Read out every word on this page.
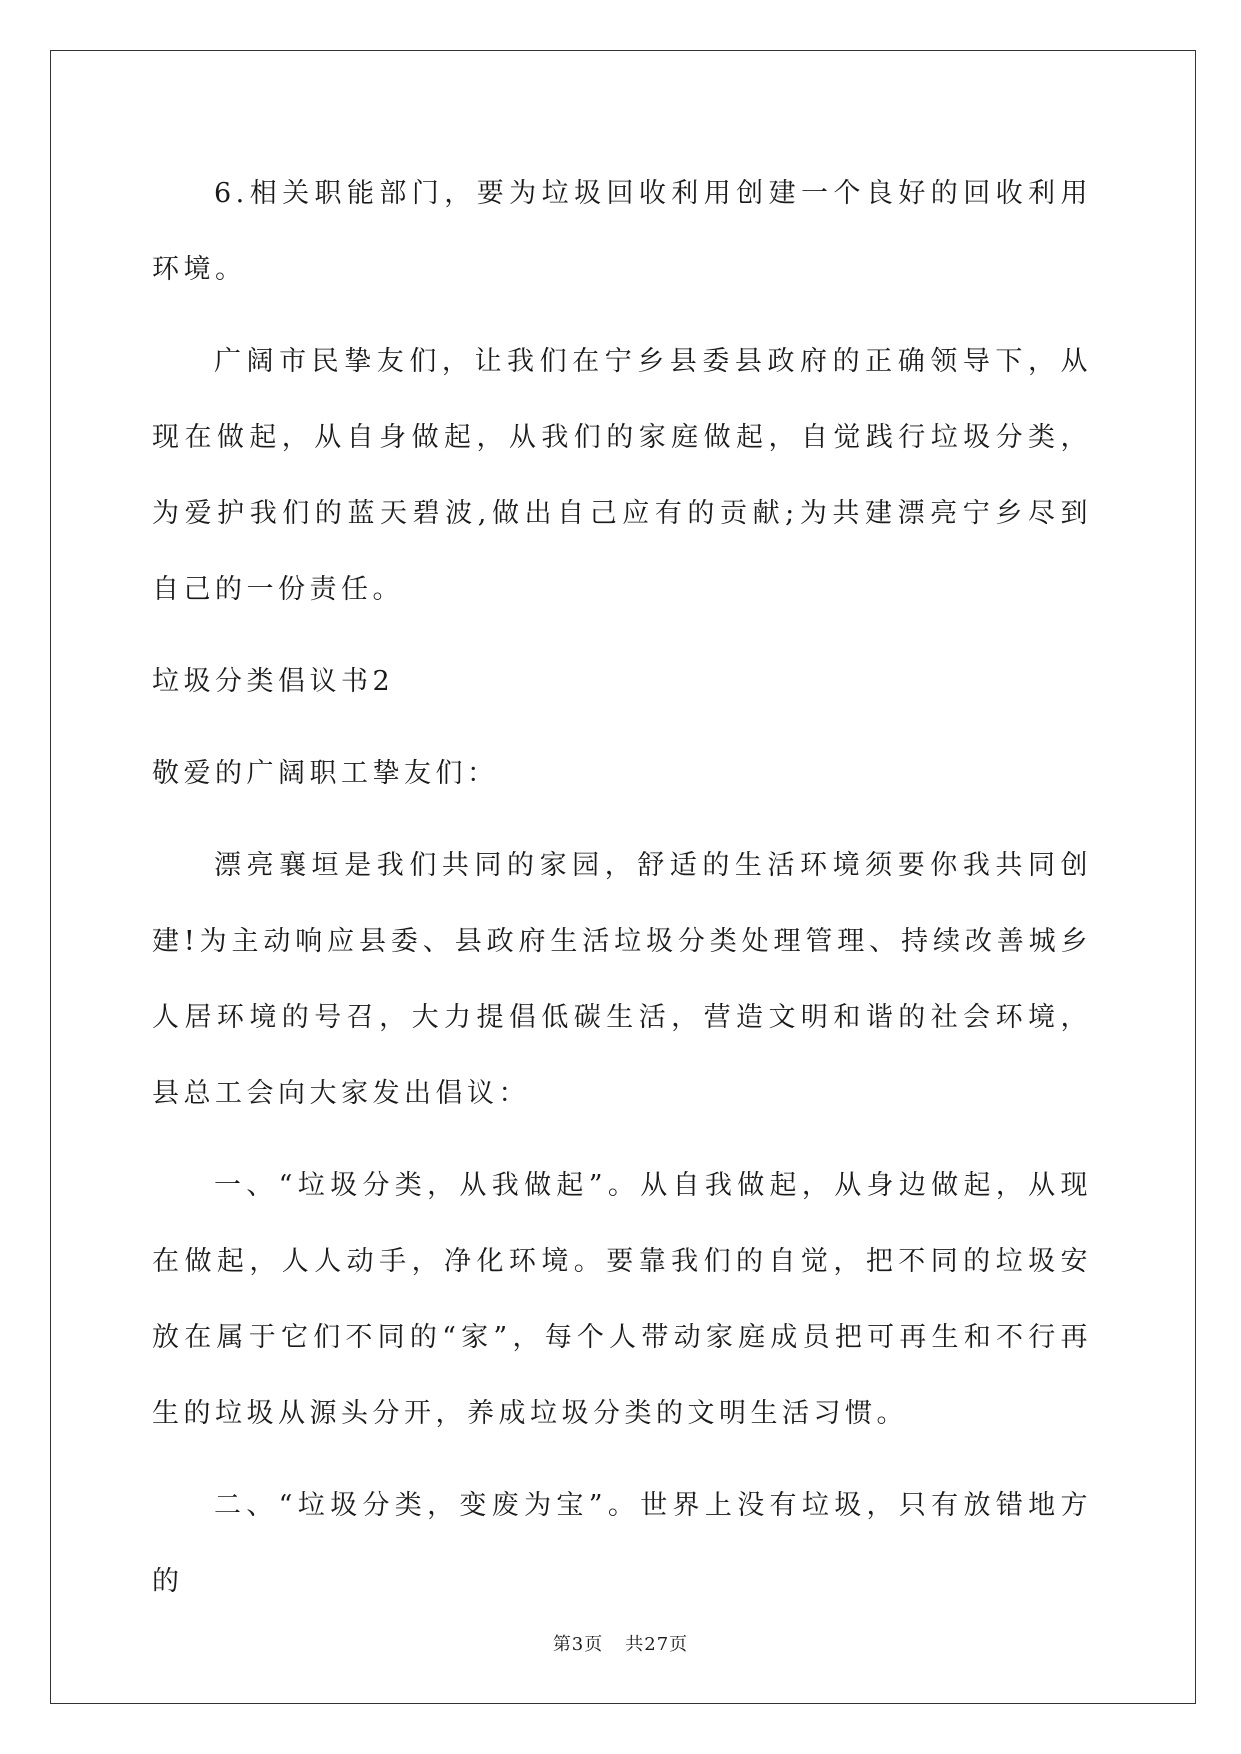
6.相关职能部门，要为垃圾回收利用创建一个良好的回收利用环境。

广阔市民挚友们，让我们在宁乡县委县政府的正确领导下，从现在做起，从自身做起，从我们的家庭做起，自觉践行垃圾分类，为爱护我们的蓝天碧波,做出自己应有的贡献;为共建漂亮宁乡尽到自己的一份责任。

垃圾分类倡议书2

敬爱的广阔职工挚友们：

漂亮襄垣是我们共同的家园，舒适的生活环境须要你我共同创建!为主动响应县委、县政府生活垃圾分类处理管理、持续改善城乡人居环境的号召，大力提倡低碳生活，营造文明和谐的社会环境，县总工会向大家发出倡议：

一、“垃圾分类，从我做起”。从自我做起，从身边做起，从现在做起，人人动手，净化环境。要靠我们的自觉，把不同的垃圾安放在属于它们不同的“家”，每个人带动家庭成员把可再生和不行再生的垃圾从源头分开，养成垃圾分类的文明生活习惯。

二、“垃圾分类，变废为宝”。世界上没有垃圾，只有放错地方的

第3页 共27页
